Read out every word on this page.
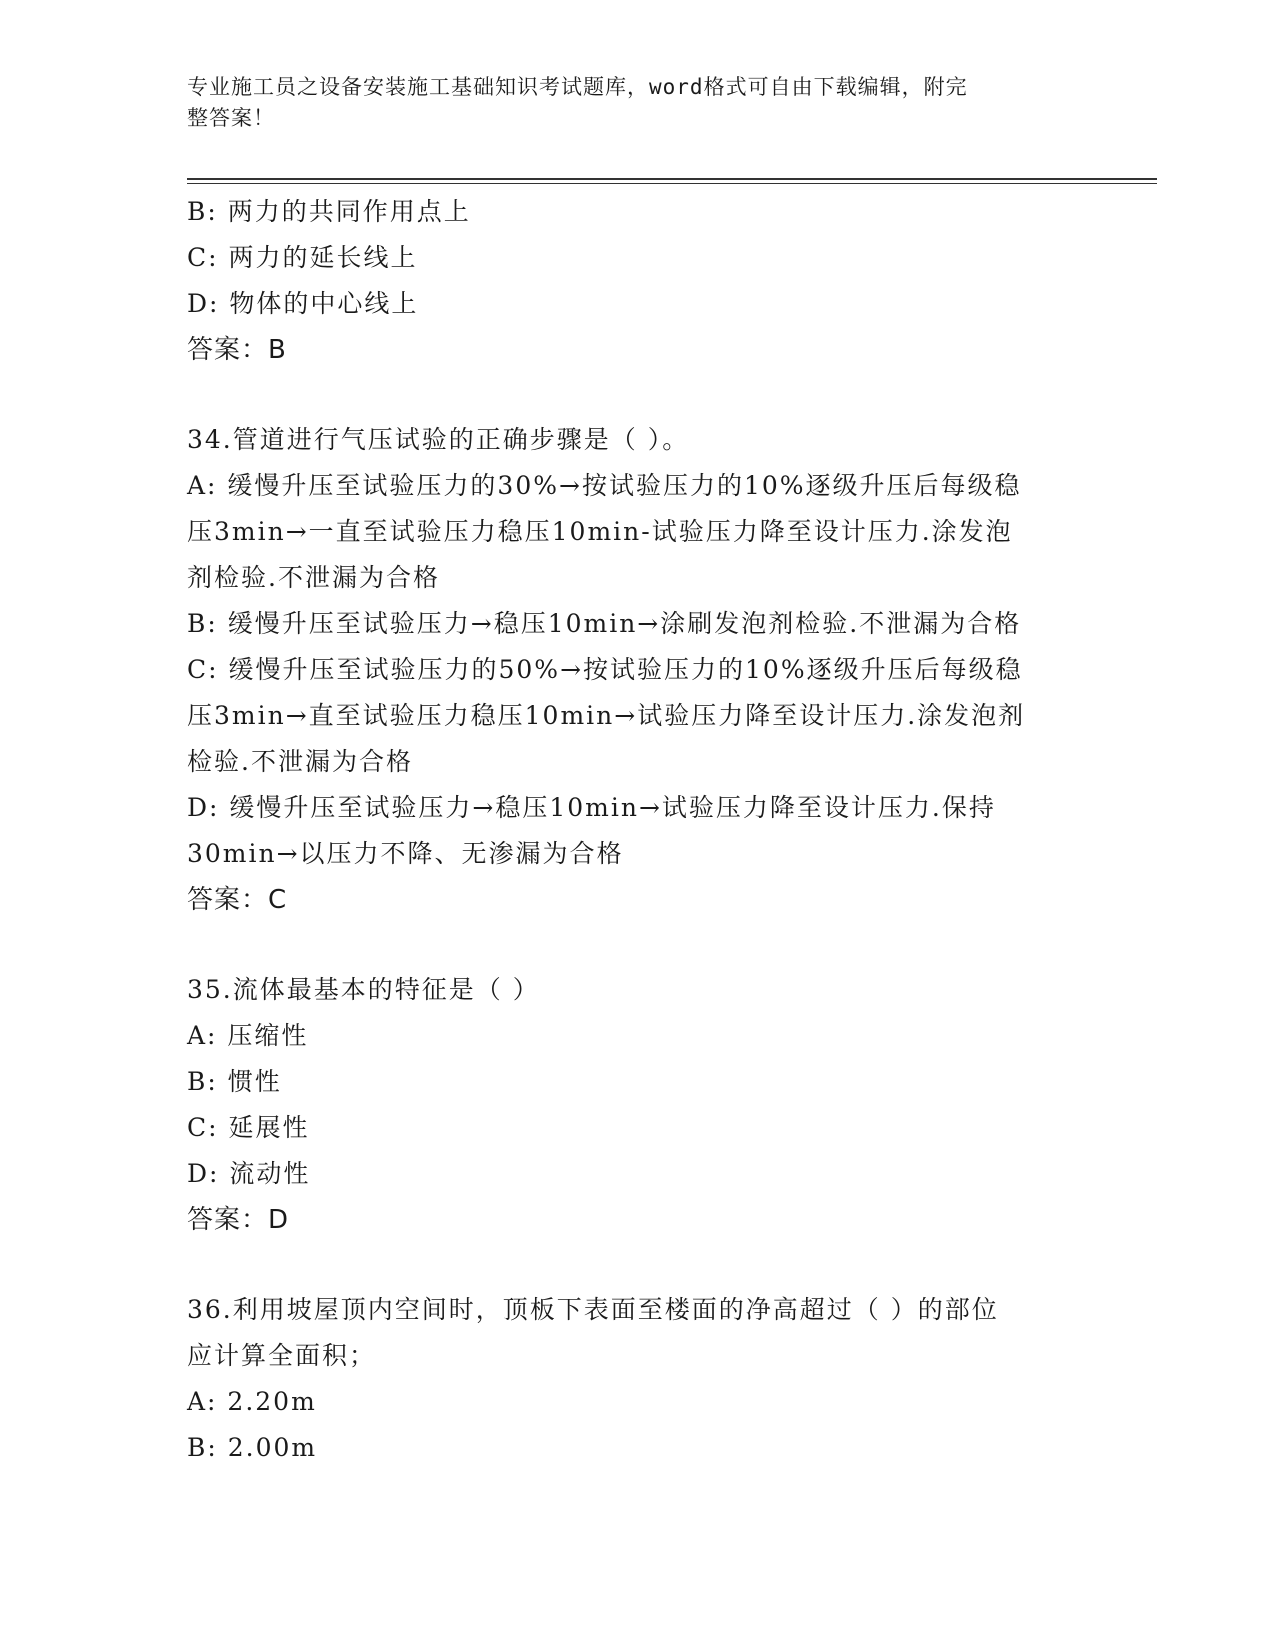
专业施工员之设备安装施工基础知识考试题库，word格式可自由下载编辑，附完
整答案！
B: 两力的共同作用点上
C: 两力的延长线上
D: 物体的中心线上
答案：B
34.管道进行气压试验的正确步骤是（ ）。
A: 缓慢升压至试验压力的30%→按试验压力的10%逐级升压后每级稳
压3min→一直至试验压力稳压10min-试验压力降至设计压力.涂发泡
剂检验.不泄漏为合格
B: 缓慢升压至试验压力→稳压10min→涂刷发泡剂检验.不泄漏为合格
C: 缓慢升压至试验压力的50%→按试验压力的10%逐级升压后每级稳
压3min→直至试验压力稳压10min→试验压力降至设计压力.涂发泡剂
检验.不泄漏为合格
D: 缓慢升压至试验压力→稳压10min→试验压力降至设计压力.保持
30min→以压力不降、无渗漏为合格
答案：C
35.流体最基本的特征是（ ）
A: 压缩性
B: 惯性
C: 延展性
D: 流动性
答案：D
36.利用坡屋顶内空间时，顶板下表面至楼面的净高超过（ ）的部位
应计算全面积；
A: 2.20m
B: 2.00m
